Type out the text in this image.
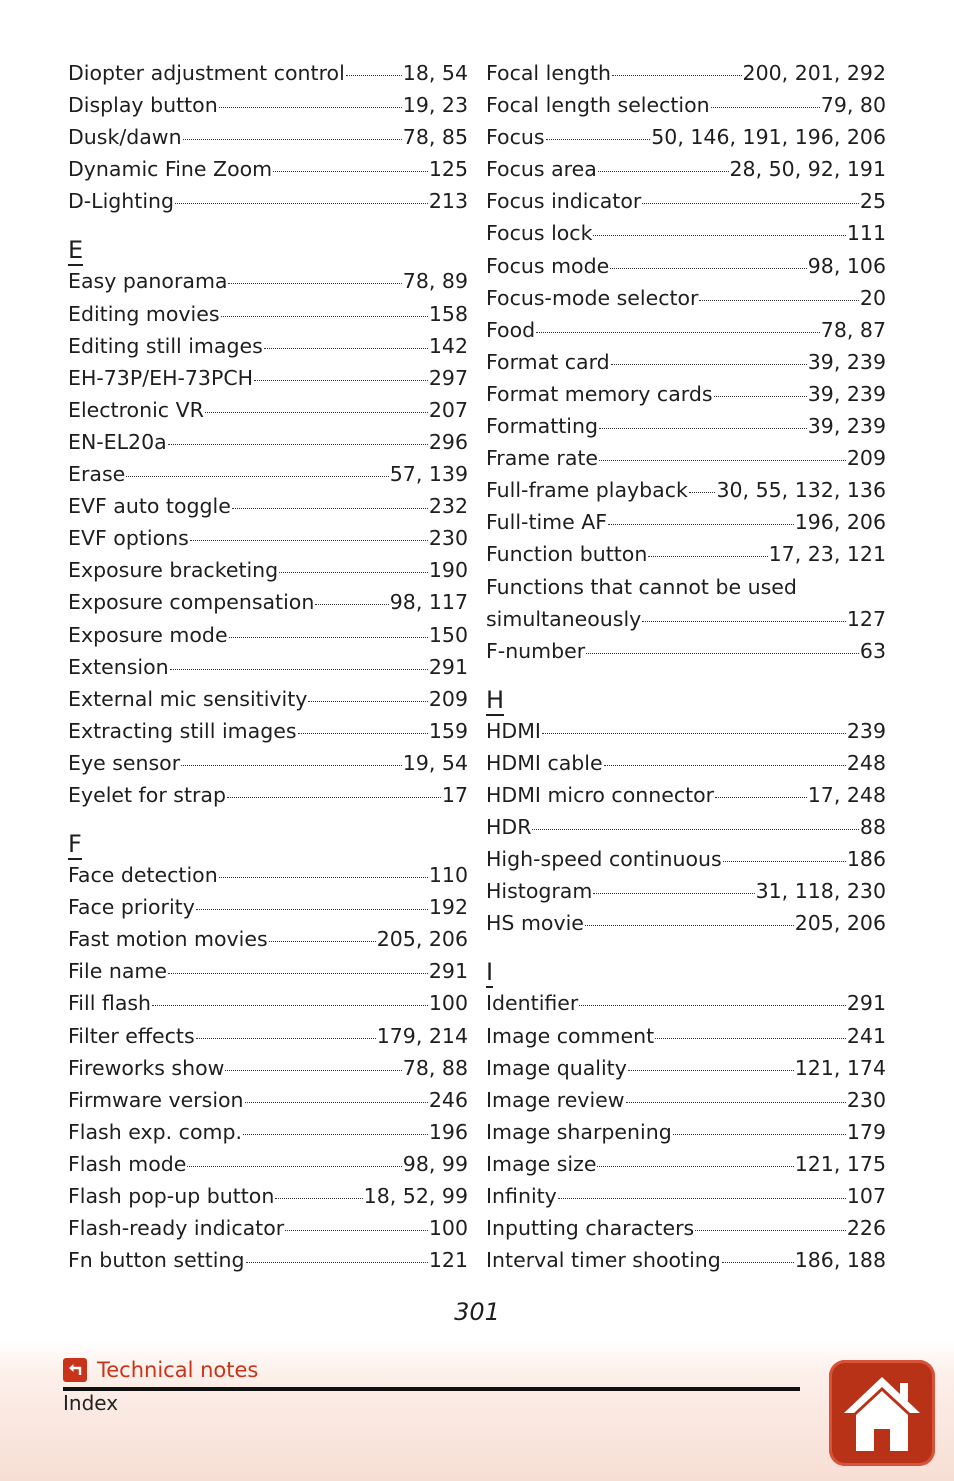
Diopter adjustment control	18, 54
Display button	19, 23
Dusk/dawn	78, 85
Dynamic Fine Zoom	125
D-Lighting	213
E
Easy panorama	78, 89
Editing movies	158
Editing still images	142
EH-73P/EH-73PCH	297
Electronic VR	207
EN-EL20a	296
Erase	57, 139
EVF auto toggle	232
EVF options	230
Exposure bracketing	190
Exposure compensation	98, 117
Exposure mode	150
Extension	291
External mic sensitivity	209
Extracting still images	159
Eye sensor	19, 54
Eyelet for strap	17
F
Face detection	110
Face priority	192
Fast motion movies	205, 206
File name	291
Fill flash	100
Filter effects	179, 214
Fireworks show	78, 88
Firmware version	246
Flash exp. comp.	196
Flash mode	98, 99
Flash pop-up button	18, 52, 99
Flash-ready indicator	100
Fn button setting	121
Focal length	200, 201, 292
Focal length selection	79, 80
Focus	50, 146, 191, 196, 206
Focus area	28, 50, 92, 191
Focus indicator	25
Focus lock	111
Focus mode	98, 106
Focus-mode selector	20
Food	78, 87
Format card	39, 239
Format memory cards	39, 239
Formatting	39, 239
Frame rate	209
Full-frame playback 30, 55, 132, 136
Full-time AF	196, 206
Function button	17, 23, 121
Functions that cannot be used
simultaneously	127
F-number	63
H
HDMI	239
HDMI cable	248
HDMI micro connector	17, 248
HDR	88
High-speed continuous	186
Histogram	31, 118, 230
HS movie	205, 206
I
Identifier	291
Image comment	241
Image quality	121, 174
Image review	230
Image sharpening	179
Image size	121, 175
Infinity	107
Inputting characters	226
Interval timer shooting	186, 188
301
Technical notes
Index
